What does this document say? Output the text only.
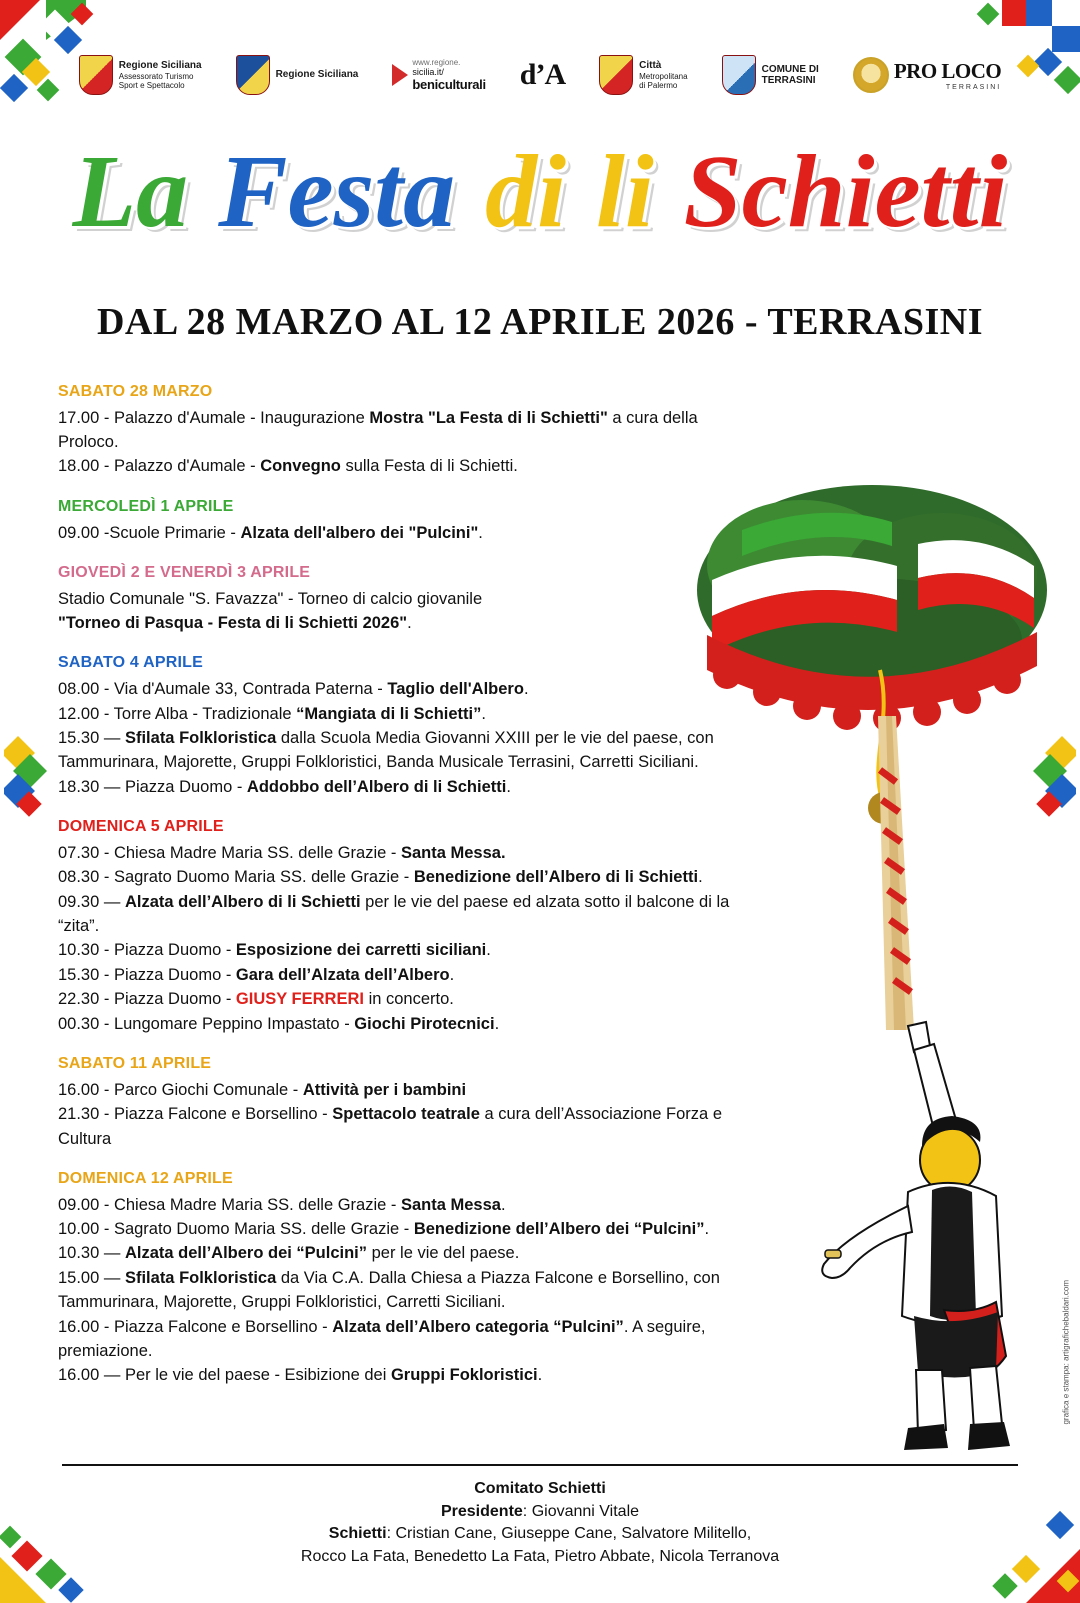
Regione Siciliana
Assessorato Turismo
Sport e Spettacolo
Regione Siciliana
www.regione.
sicilia.it/
beniculturali d’A	Città
Metropolitana
di Palermo
COMUNE DI
TERRASINI	PRO LOCO
TERRASINI
La Festa di li Schietti
DAL 28 MARZO AL 12 APRILE 2026 - TERRASINI
SABATO 28 MARZO
17.00 - Palazzo d'Aumale - Inaugurazione Mostra "La Festa di li Schietti" a cura della Proloco.
18.00 - Palazzo d'Aumale - Convegno sulla Festa di li Schietti.
MERCOLEDÌ 1 APRILE
09.00 -Scuole Primarie - Alzata dell'albero dei "Pulcini".
GIOVEDÌ 2 E VENERDÌ 3 APRILE
Stadio Comunale "S. Favazza" - Torneo di calcio giovanile
"Torneo di Pasqua - Festa di li Schietti 2026".
SABATO 4 APRILE
08.00 - Via d'Aumale 33, Contrada Paterna - Taglio dell'Albero.
12.00 - Torre Alba - Tradizionale “Mangiata di li Schietti”.
15.30 — Sfilata Folkloristica dalla Scuola Media Giovanni XXIII per le vie del paese, con Tammurinara, Majorette, Gruppi Folkloristici, Banda Musicale Terrasini, Carretti Siciliani.
18.30 — Piazza Duomo - Addobbo dell’Albero di li Schietti.
DOMENICA 5 APRILE
07.30 - Chiesa Madre Maria SS. delle Grazie - Santa Messa.
08.30 - Sagrato Duomo Maria SS. delle Grazie - Benedizione dell’Albero di li Schietti.
09.30 — Alzata dell’Albero di li Schietti per le vie del paese ed alzata sotto il balcone di la “zita”.
10.30 - Piazza Duomo - Esposizione dei carretti siciliani.
15.30 - Piazza Duomo - Gara dell’Alzata dell’Albero.
22.30 - Piazza Duomo - GIUSY FERRERI in concerto.
00.30 - Lungomare Peppino Impastato - Giochi Pirotecnici.
SABATO 11 APRILE
16.00 - Parco Giochi Comunale - Attività per i bambini
21.30 - Piazza Falcone e Borsellino - Spettacolo teatrale a cura dell’Associazione Forza e Cultura
DOMENICA 12 APRILE
09.00 - Chiesa Madre Maria SS. delle Grazie - Santa Messa.
10.00 - Sagrato Duomo Maria SS. delle Grazie - Benedizione dell’Albero dei “Pulcini”.
10.30 — Alzata dell’Albero dei “Pulcini” per le vie del paese.
15.00 — Sfilata Folkloristica da Via C.A. Dalla Chiesa a Piazza Falcone e Borsellino, con Tammurinara, Majorette, Gruppi Folkloristici, Carretti Siciliani.
16.00 - Piazza Falcone e Borsellino - Alzata dell’Albero categoria “Pulcini”. A seguire, premiazione.
16.00 — Per le vie del paese - Esibizione dei Gruppi Fokloristici.	grafica e stampa: artigrafichebaldari.com
Comitato Schietti
Presidente: Giovanni Vitale
Schietti: Cristian Cane, Giuseppe Cane, Salvatore Militello,
Rocco La Fata, Benedetto La Fata, Pietro Abbate, Nicola Terranova
